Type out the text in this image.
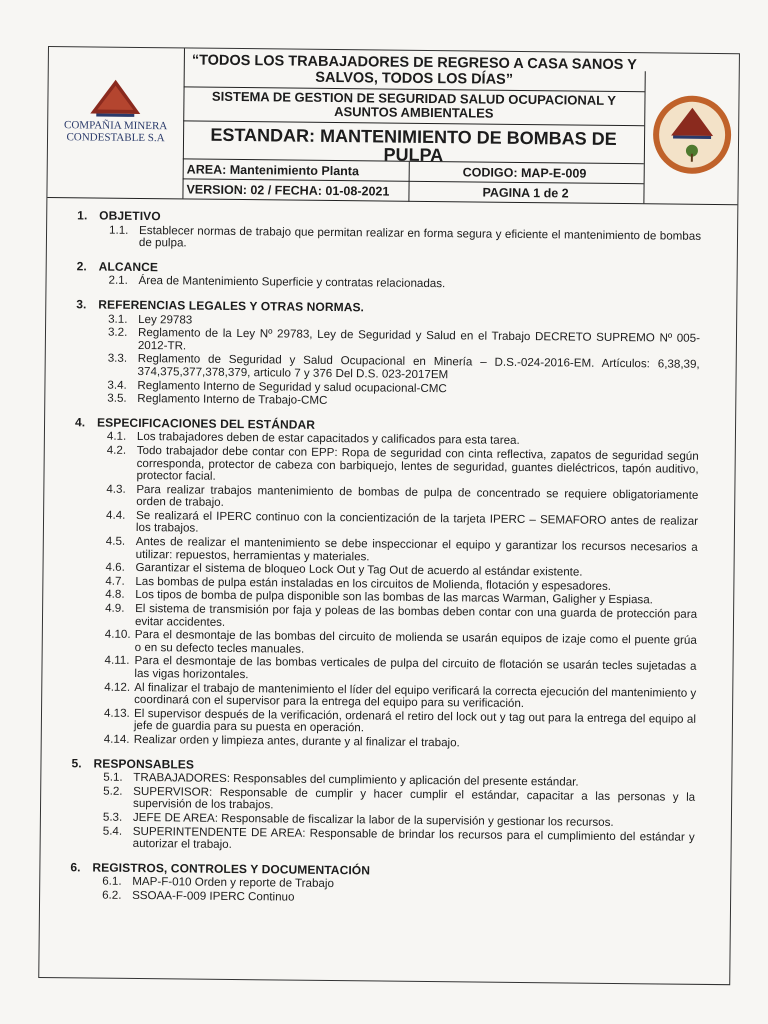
COMPAÑIA MINERA CONDESTABLE S.A
“TODOS LOS TRABAJADORES DE REGRESO A CASA SANOS Y SALVOS, TODOS LOS DÍAS”
SISTEMA DE GESTION DE SEGURIDAD SALUD OCUPACIONAL Y ASUNTOS AMBIENTALES
ESTANDAR: MANTENIMIENTO DE BOMBAS DE PULPA
AREA: Mantenimiento Planta	CODIGO: MAP-E-009
VERSION: 02 / FECHA: 01-08-2021	PAGINA 1 de 2
1. OBJETIVO
1.1. Establecer normas de trabajo que permitan realizar en forma segura y eficiente el mantenimiento de bombas de pulpa.
2. ALCANCE
2.1. Área de Mantenimiento Superficie y contratas relacionadas.
3. REFERENCIAS LEGALES Y OTRAS NORMAS.
3.1. Ley 29783
3.2. Reglamento de la Ley Nº 29783, Ley de Seguridad y Salud en el Trabajo DECRETO SUPREMO Nº 005-2012-TR.
3.3. Reglamento de Seguridad y Salud Ocupacional en Minería – D.S.-024-2016-EM. Artículos: 6,38,39, 374,375,377,378,379, articulo 7 y 376 Del D.S. 023-2017EM
3.4. Reglamento Interno de Seguridad y salud ocupacional-CMC
3.5. Reglamento Interno de Trabajo-CMC
4. ESPECIFICACIONES DEL ESTÁNDAR
4.1. Los trabajadores deben de estar capacitados y calificados para esta tarea.
4.2. Todo trabajador debe contar con EPP: Ropa de seguridad con cinta reflectiva, zapatos de seguridad según corresponda, protector de cabeza con barbiquejo, lentes de seguridad, guantes dieléctricos, tapón auditivo, protector facial.
4.3. Para realizar trabajos mantenimiento de bombas de pulpa de concentrado se requiere obligatoriamente orden de trabajo.
4.4. Se realizará el IPERC continuo con la concientización de la tarjeta IPERC – SEMAFORO antes de realizar los trabajos.
4.5. Antes de realizar el mantenimiento se debe inspeccionar el equipo y garantizar los recursos necesarios a utilizar: repuestos, herramientas y materiales.
4.6. Garantizar el sistema de bloqueo Lock Out y Tag Out de acuerdo al estándar existente.
4.7. Las bombas de pulpa están instaladas en los circuitos de Molienda, flotación y espesadores.
4.8. Los tipos de bomba de pulpa disponible son las bombas de las marcas Warman, Galigher y Espiasa.
4.9. El sistema de transmisión por faja y poleas de las bombas deben contar con una guarda de protección para evitar accidentes.
4.10. Para el desmontaje de las bombas del circuito de molienda se usarán equipos de izaje como el puente grúa o en su defecto tecles manuales.
4.11. Para el desmontaje de las bombas verticales de pulpa del circuito de flotación se usarán tecles sujetadas a las vigas horizontales.
4.12. Al finalizar el trabajo de mantenimiento el líder del equipo verificará la correcta ejecución del mantenimiento y coordinará con el supervisor para la entrega del equipo para su verificación.
4.13. El supervisor después de la verificación, ordenará el retiro del lock out y tag out para la entrega del equipo al jefe de guardia para su puesta en operación.
4.14. Realizar orden y limpieza antes, durante y al finalizar el trabajo.
5. RESPONSABLES
5.1. TRABAJADORES: Responsables del cumplimiento y aplicación del presente estándar.
5.2. SUPERVISOR: Responsable de cumplir y hacer cumplir el estándar, capacitar a las personas y la supervisión de los trabajos.
5.3. JEFE DE AREA: Responsable de fiscalizar la labor de la supervisión y gestionar los recursos.
5.4. SUPERINTENDENTE DE AREA: Responsable de brindar los recursos para el cumplimiento del estándar y autorizar el trabajo.
6. REGISTROS, CONTROLES Y DOCUMENTACIÓN
6.1. MAP-F-010 Orden y reporte de Trabajo
6.2. SSOAA-F-009 IPERC Continuo
